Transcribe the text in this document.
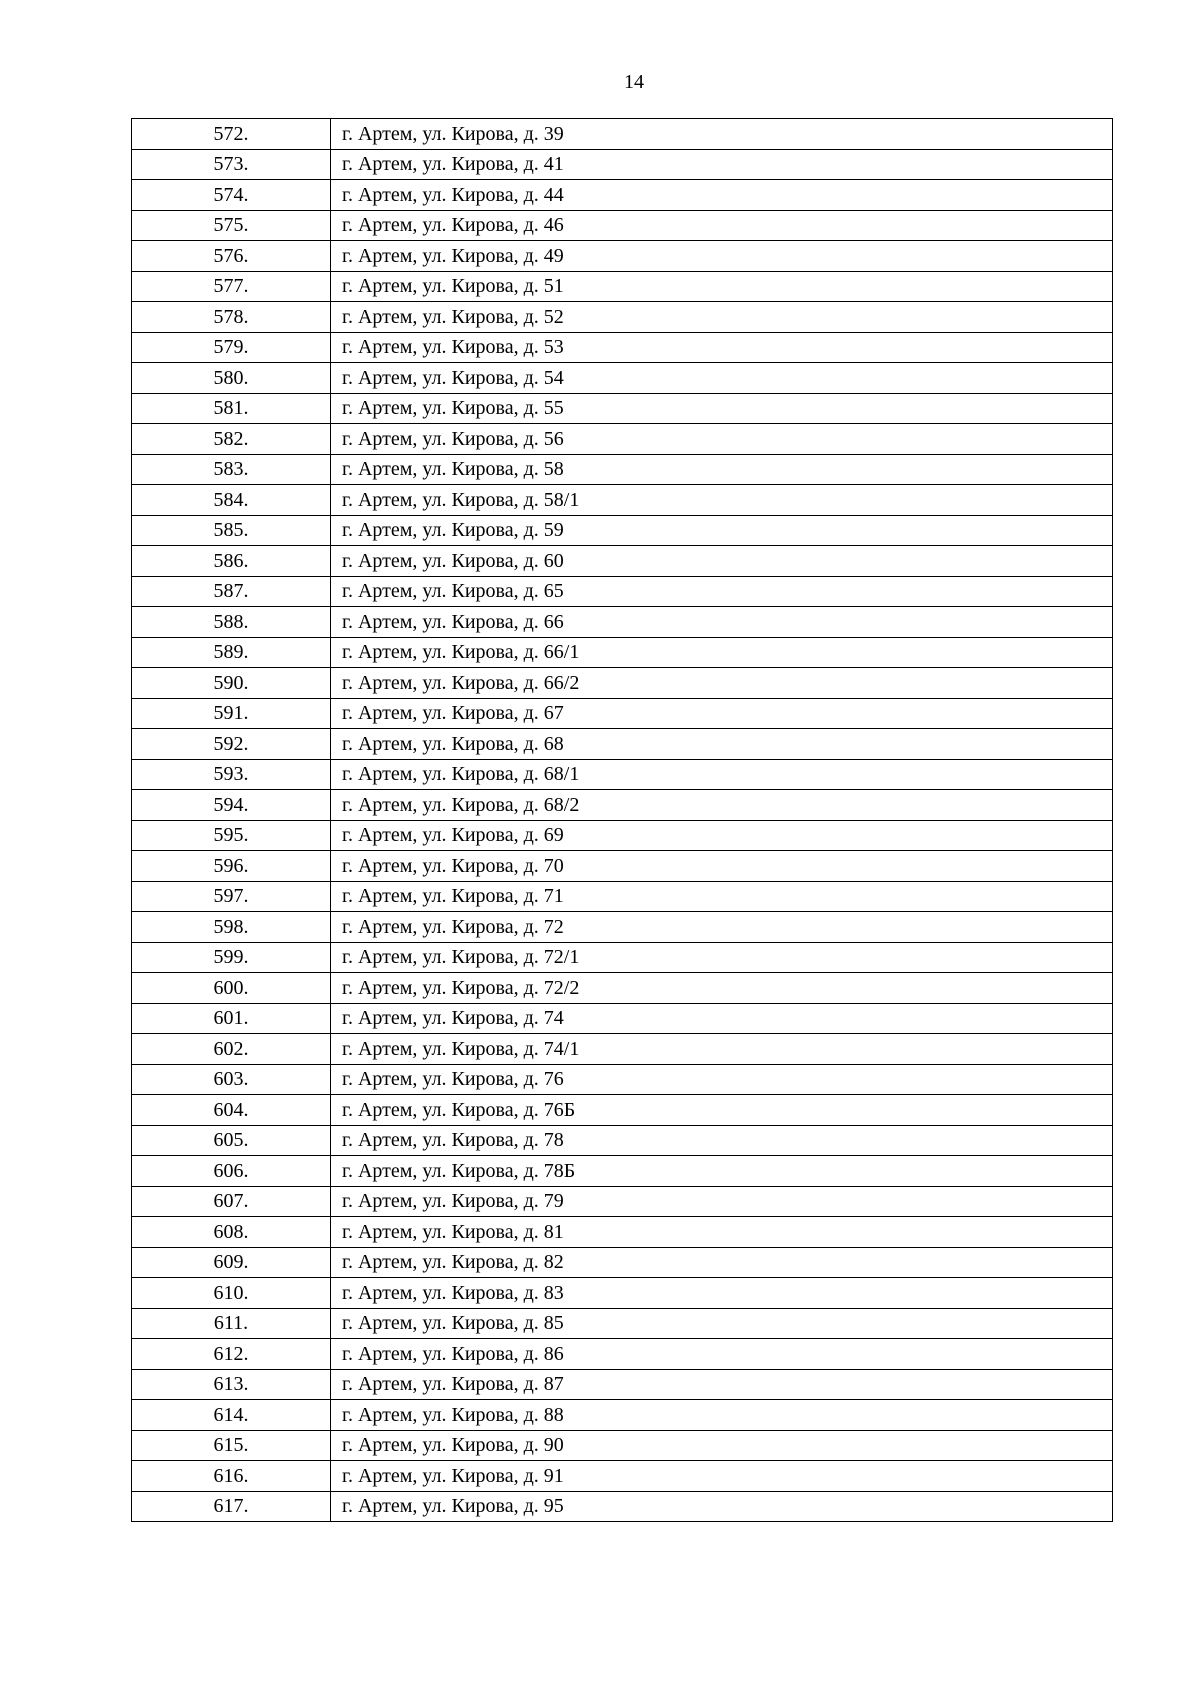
14
572.	г. Артем, ул. Кирова, д. 39
573.	г. Артем, ул. Кирова, д. 41
574.	г. Артем, ул. Кирова, д. 44
575.	г. Артем, ул. Кирова, д. 46
576.	г. Артем, ул. Кирова, д. 49
577.	г. Артем, ул. Кирова, д. 51
578.	г. Артем, ул. Кирова, д. 52
579.	г. Артем, ул. Кирова, д. 53
580.	г. Артем, ул. Кирова, д. 54
581.	г. Артем, ул. Кирова, д. 55
582.	г. Артем, ул. Кирова, д. 56
583.	г. Артем, ул. Кирова, д. 58
584.	г. Артем, ул. Кирова, д. 58/1
585.	г. Артем, ул. Кирова, д. 59
586.	г. Артем, ул. Кирова, д. 60
587.	г. Артем, ул. Кирова, д. 65
588.	г. Артем, ул. Кирова, д. 66
589.	г. Артем, ул. Кирова, д. 66/1
590.	г. Артем, ул. Кирова, д. 66/2
591.	г. Артем, ул. Кирова, д. 67
592.	г. Артем, ул. Кирова, д. 68
593.	г. Артем, ул. Кирова, д. 68/1
594.	г. Артем, ул. Кирова, д. 68/2
595.	г. Артем, ул. Кирова, д. 69
596.	г. Артем, ул. Кирова, д. 70
597.	г. Артем, ул. Кирова, д. 71
598.	г. Артем, ул. Кирова, д. 72
599.	г. Артем, ул. Кирова, д. 72/1
600.	г. Артем, ул. Кирова, д. 72/2
601.	г. Артем, ул. Кирова, д. 74
602.	г. Артем, ул. Кирова, д. 74/1
603.	г. Артем, ул. Кирова, д. 76
604.	г. Артем, ул. Кирова, д. 76Б
605.	г. Артем, ул. Кирова, д. 78
606.	г. Артем, ул. Кирова, д. 78Б
607.	г. Артем, ул. Кирова, д. 79
608.	г. Артем, ул. Кирова, д. 81
609.	г. Артем, ул. Кирова, д. 82
610.	г. Артем, ул. Кирова, д. 83
611.	г. Артем, ул. Кирова, д. 85
612.	г. Артем, ул. Кирова, д. 86
613.	г. Артем, ул. Кирова, д. 87
614.	г. Артем, ул. Кирова, д. 88
615.	г. Артем, ул. Кирова, д. 90
616.	г. Артем, ул. Кирова, д. 91
617.	г. Артем, ул. Кирова, д. 95
